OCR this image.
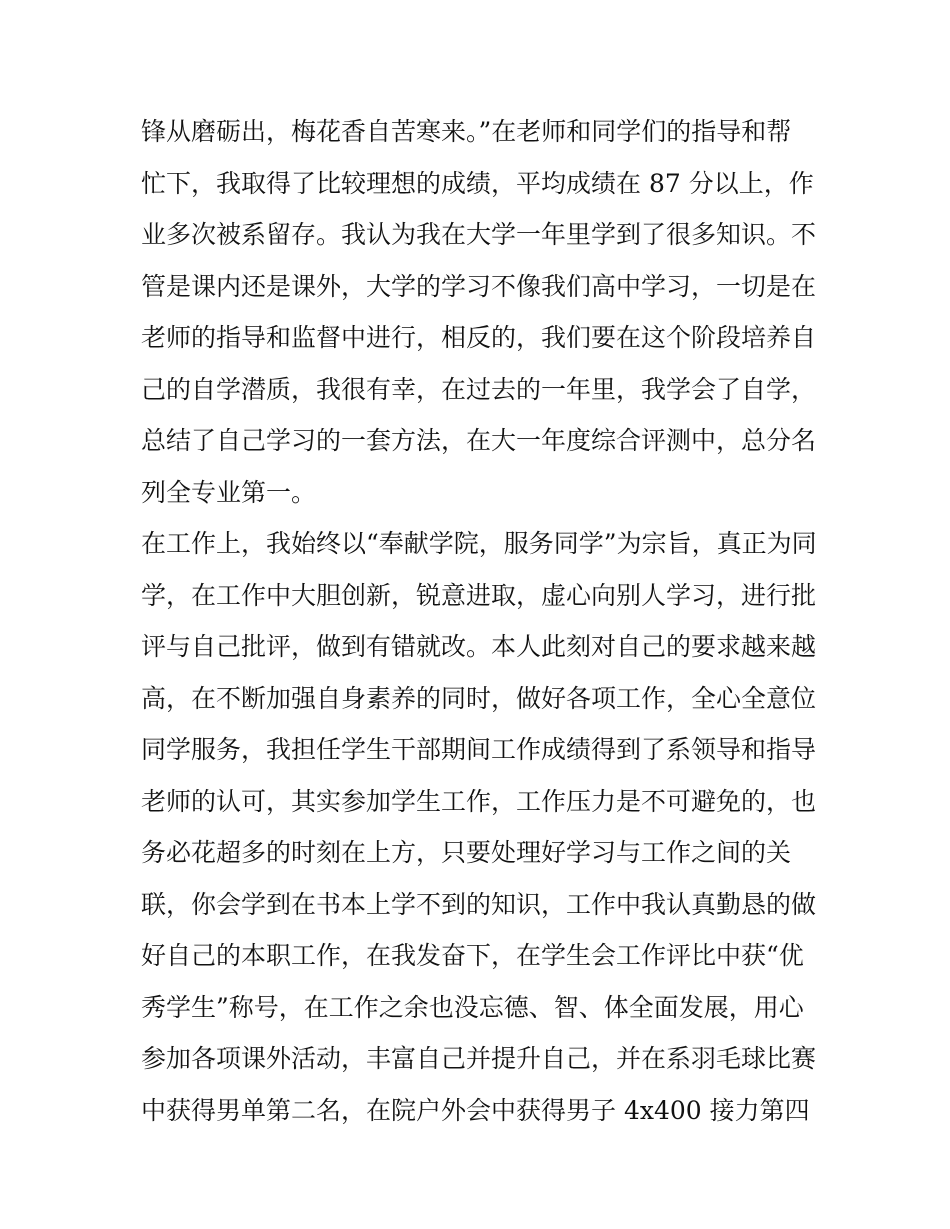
锋从磨砺出，梅花香自苦寒来。”在老师和同学们的指导和帮
忙下，我取得了比较理想的成绩，平均成绩在 87 分以上，作
业多次被系留存。我认为我在大学一年里学到了很多知识。不
管是课内还是课外，大学的学习不像我们高中学习，一切是在
老师的指导和监督中进行，相反的，我们要在这个阶段培养自
己的自学潜质，我很有幸，在过去的一年里，我学会了自学，
总结了自己学习的一套方法，在大一年度综合评测中，总分名
列全专业第一。
在工作上，我始终以“奉献学院，服务同学”为宗旨，真正为同
学，在工作中大胆创新，锐意进取，虚心向别人学习，进行批
评与自己批评，做到有错就改。本人此刻对自己的要求越来越
高，在不断加强自身素养的同时，做好各项工作，全心全意位
同学服务，我担任学生干部期间工作成绩得到了系领导和指导
老师的认可，其实参加学生工作，工作压力是不可避免的，也
务必花超多的时刻在上方，只要处理好学习与工作之间的关
联，你会学到在书本上学不到的知识，工作中我认真勤恳的做
好自己的本职工作，在我发奋下，在学生会工作评比中获“优
秀学生”称号，在工作之余也没忘德、智、体全面发展，用心
参加各项课外活动，丰富自己并提升自己，并在系羽毛球比赛
中获得男单第二名，在院户外会中获得男子 4x400 接力第四
